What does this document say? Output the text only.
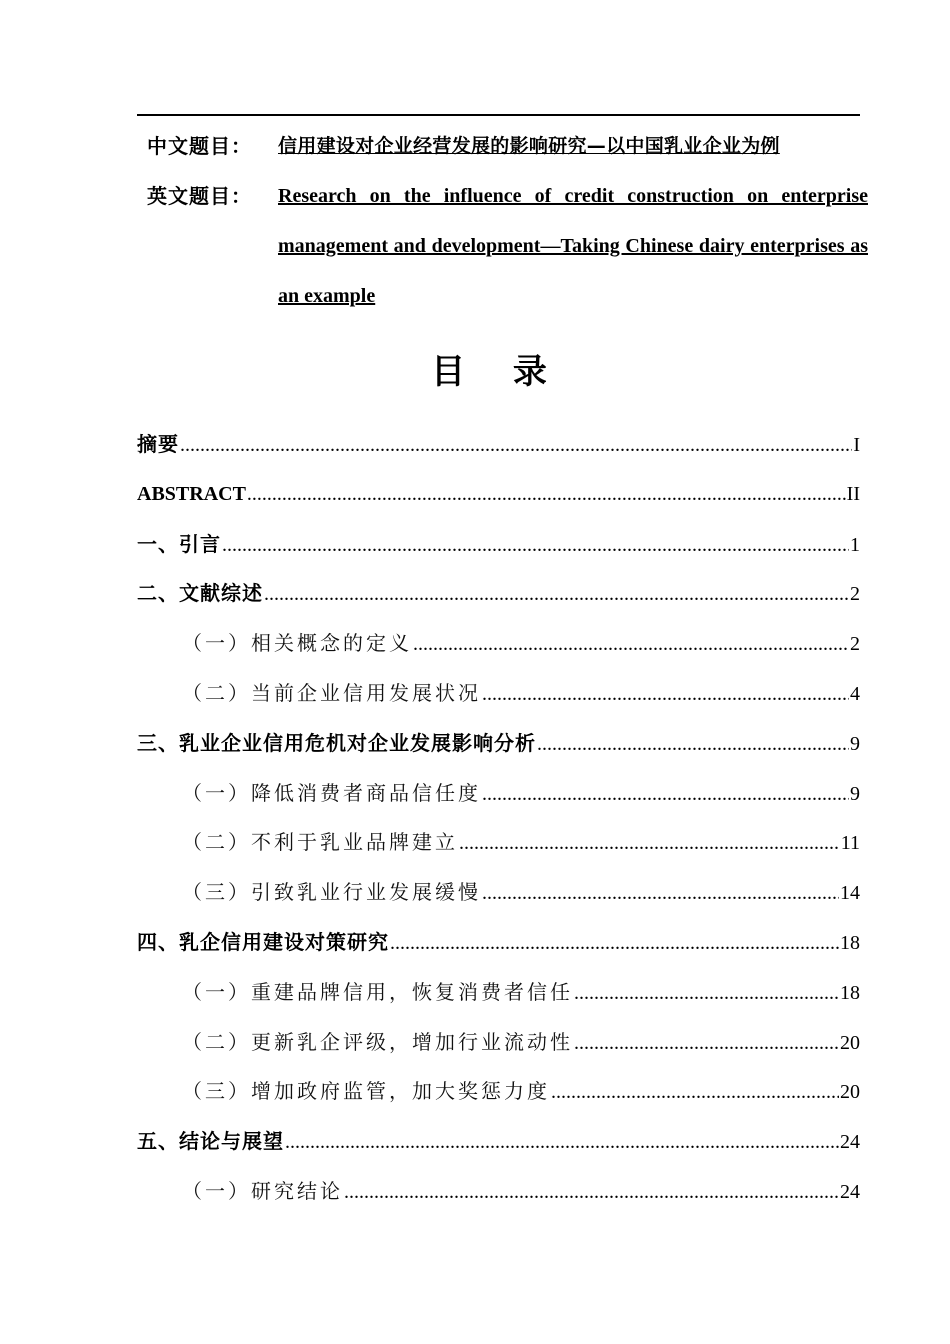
中文题目： 信用建设对企业经营发展的影响研究—以中国乳业企业为例
英文题目： Research on the influence of credit construction on enterprise management and development—Taking Chinese dairy enterprises as an example
目 录
摘要 .....	I
ABSTRACT .....	II
一、引言 .....	1
二、文献综述 .....	2
（一）相关概念的定义 .....	2
（二）当前企业信用发展状况 .....	4
三、乳业企业信用危机对企业发展影响分析 .....	9
（一）降低消费者商品信任度 .....	9
（二）不利于乳业品牌建立 .....	11
（三）引致乳业行业发展缓慢 .....	14
四、乳企信用建设对策研究 .....	18
（一）重建品牌信用，恢复消费者信任 .....	18
（二）更新乳企评级，增加行业流动性 .....	20
（三）增加政府监管，加大奖惩力度 .....	20
五、结论与展望 .....	24
（一）研究结论 .....	24
